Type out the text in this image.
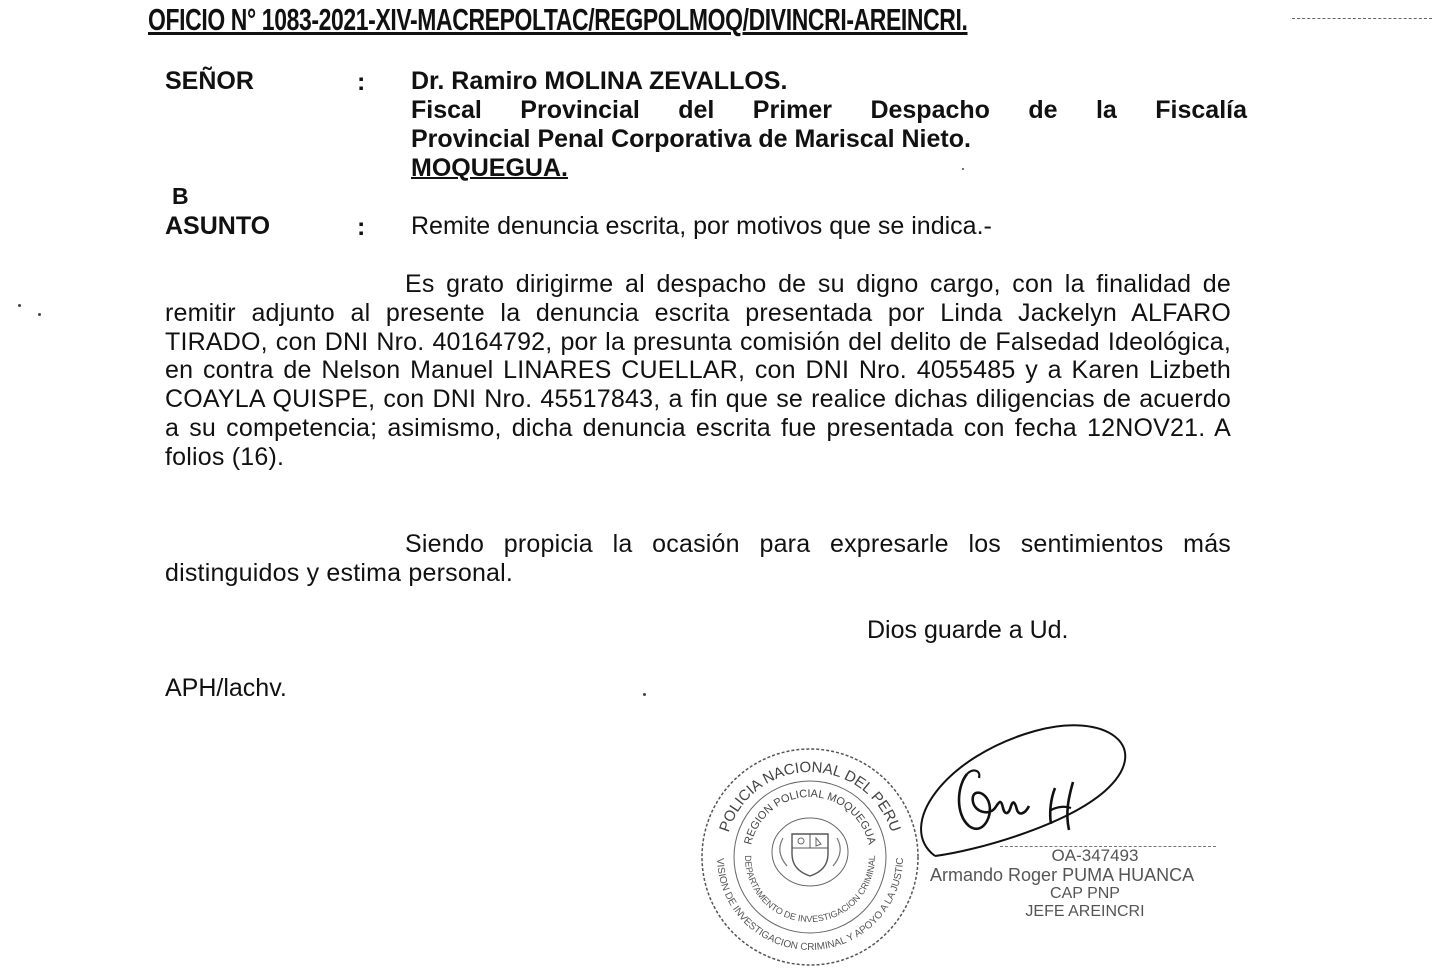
OFICIO N° 1083-2021-XIV-MACREPOLTAC/REGPOLMOQ/DIVINCRI-AREINCRI.
SEÑOR	: Dr. Ramiro MOLINA ZEVALLOS.
Fiscal Provincial del Primer Despacho de la Fiscalía
Provincial Penal Corporativa de Mariscal Nieto.
MOQUEGUA.
B
ASUNTO	: Remite denuncia escrita, por motivos que se indica.-
Es grato dirigirme al despacho de su digno cargo, con la finalidad de remitir adjunto al presente la denuncia escrita presentada por Linda Jackelyn ALFARO TIRADO, con DNI Nro. 40164792, por la presunta comisión del delito de Falsedad Ideológica, en contra de Nelson Manuel LINARES CUELLAR, con DNI Nro. 4055485 y a Karen Lizbeth COAYLA QUISPE, con DNI Nro. 45517843, a fin que se realice dichas diligencias de acuerdo a su competencia; asimismo, dicha denuncia escrita fue presentada con fecha 12NOV21. A folios (16).
Siendo propicia la ocasión para expresarle los sentimientos más distinguidos y estima personal.
Dios guarde a Ud.
APH/lachv.
POLICIA NACIONAL DEL PERU
REGION POLICIAL MOQUEGUA
VISION DE INVESTIGACION CRIMINAL Y APOYO A LA JUSTIC
DEPARTAMENTO DE INVESTIGACION CRIMINAL	OA-347493
Armando Roger PUMA HUANCA
CAP PNP
JEFE AREINCRI
